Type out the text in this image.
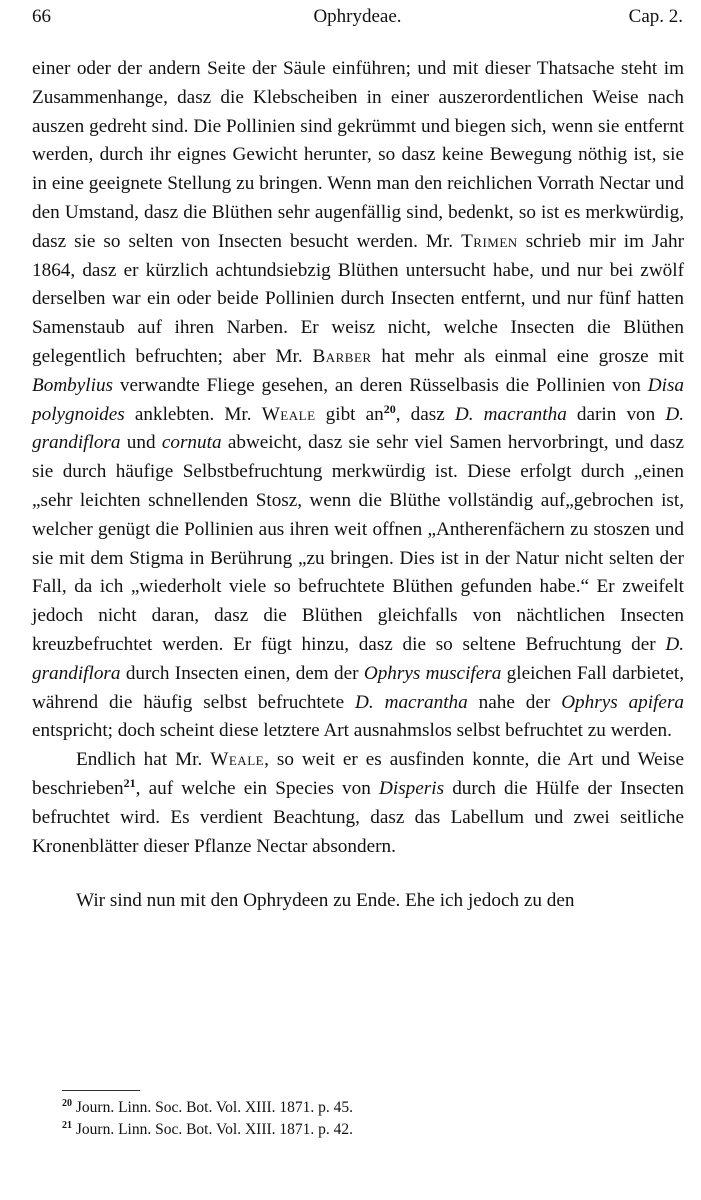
66	Ophrydeae.	Cap. 2.

einer oder der andern Seite der Säule einführen; und mit dieser Thatsache steht im Zusammenhange, dasz die Klebscheiben in einer auszerordentlichen Weise nach auszen gedreht sind. Die Pollinien sind gekrümmt und biegen sich, wenn sie entfernt werden, durch ihr eignes Gewicht herunter, so dasz keine Bewegung nöthig ist, sie in eine geeignete Stellung zu bringen. Wenn man den reichlichen Vorrath Nectar und den Umstand, dasz die Blüthen sehr augenfällig sind, bedenkt, so ist es merkwürdig, dasz sie so selten von Insecten besucht werden. Mr. Trimen schrieb mir im Jahr 1864, dasz er kürzlich achtundsiebzig Blüthen untersucht habe, und nur bei zwölf derselben war ein oder beide Pollinien durch Insecten entfernt, und nur fünf hatten Samenstaub auf ihren Narben. Er weisz nicht, welche Insecten die Blüthen gelegentlich befruchten; aber Mr. Barber hat mehr als einmal eine grosze mit Bombylius verwandte Fliege gesehen, an deren Rüsselbasis die Pollinien von Disa polygnoides anklebten. Mr. Weale gibt $an^{20}$, dasz D. macrantha darin von D. grandiflora und cornuta abweicht, dasz sie sehr viel Samen hervorbringt, und dasz sie durch häufige Selbstbefruchtung merkwürdig ist. Diese erfolgt durch „einen „sehr leichten schnellenden Stosz, wenn die Blüthe vollständig auf„gebrochen ist, welcher genügt die Pollinien aus ihren weit offnen „Antherenfächern zu stoszen und sie mit dem Stigma in Berührung „zu bringen. Dies ist in der Natur nicht selten der Fall, da ich „wiederholt viele so befruchtete Blüthen gefunden habe.“ Er zweifelt jedoch nicht daran, dasz die Blüthen gleichfalls von nächtlichen Insecten kreuzbefruchtet werden. Er fügt hinzu, dasz die so seltene Befruchtung der D. grandiflora durch Insecten einen, dem der Ophrys muscifera gleichen Fall darbietet, während die häufig selbst befruchtete D. macrantha nahe der Ophrys apifera entspricht; doch scheint diese letztere Art ausnahmslos selbst befruchtet zu werden.

Endlich hat Mr. Weale, so weit er es ausfinden konnte, die Art und Weise beschrieben$^{21}$, auf welche ein Species von Disperis durch die Hülfe der Insecten befruchtet wird. Es verdient Beachtung, dasz das Labellum und zwei seitliche Kronenblätter dieser Pflanze Nectar absondern.

Wir sind nun mit den Ophrydeen zu Ende. Ehe ich jedoch zu den

$^{20}$ Journ. Linn. Soc. Bot. Vol. XIII. 1871. p. 45.
$^{21}$ Journ. Linn. Soc. Bot. Vol. XIII. 1871. p. 42.
